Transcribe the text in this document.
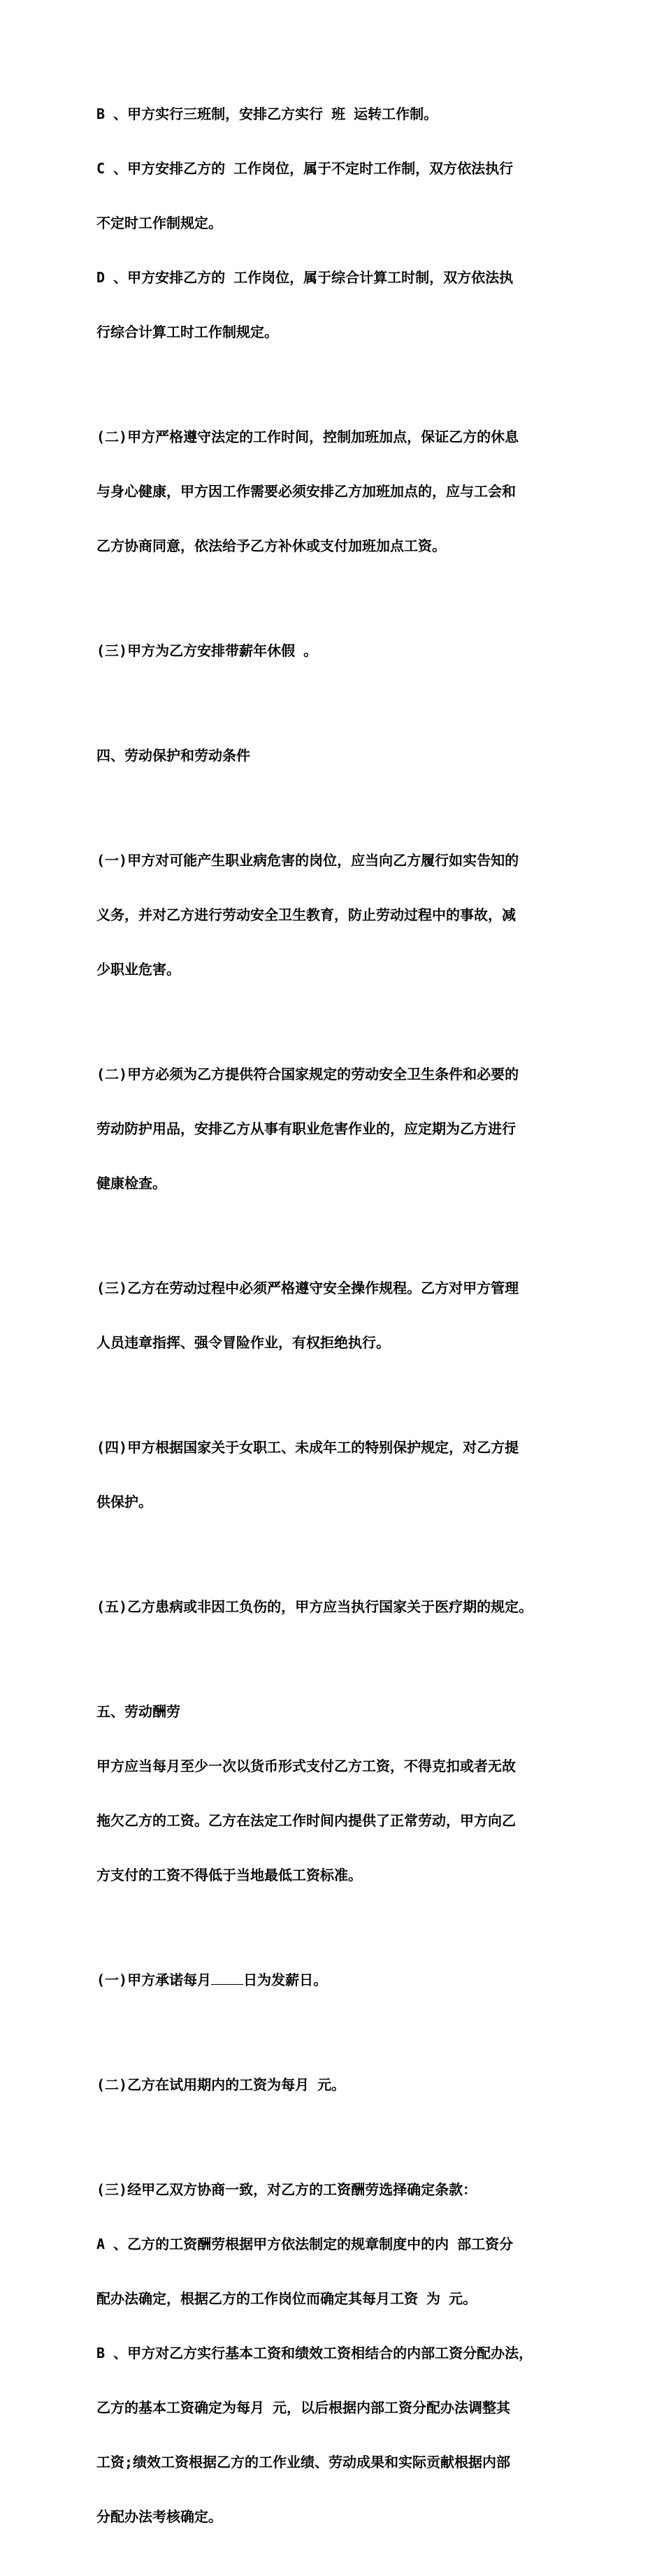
B 、甲方实行三班制，安排乙方实行 班 运转工作制。

C 、甲方安排乙方的 工作岗位，属于不定时工作制，双方依法执行

不定时工作制规定。

D 、甲方安排乙方的 工作岗位，属于综合计算工时制，双方依法执

行综合计算工时工作制规定。

(二)甲方严格遵守法定的工作时间，控制加班加点，保证乙方的休息

与身心健康，甲方因工作需要必须安排乙方加班加点的，应与工会和

乙方协商同意，依法给予乙方补休或支付加班加点工资。

(三)甲方为乙方安排带薪年休假 。

四、劳动保护和劳动条件

(一)甲方对可能产生职业病危害的岗位，应当向乙方履行如实告知的

义务，并对乙方进行劳动安全卫生教育，防止劳动过程中的事故，减

少职业危害。

(二)甲方必须为乙方提供符合国家规定的劳动安全卫生条件和必要的

劳动防护用品，安排乙方从事有职业危害作业的，应定期为乙方进行

健康检查。

(三)乙方在劳动过程中必须严格遵守安全操作规程。乙方对甲方管理

人员违章指挥、强令冒险作业，有权拒绝执行。

(四)甲方根据国家关于女职工、未成年工的特别保护规定，对乙方提

供保护。

(五)乙方患病或非因工负伤的，甲方应当执行国家关于医疗期的规定。

五、劳动酬劳

甲方应当每月至少一次以货币形式支付乙方工资，不得克扣或者无故

拖欠乙方的工资。乙方在法定工作时间内提供了正常劳动，甲方向乙

方支付的工资不得低于当地最低工资标准。

(一)甲方承诺每月 日为发薪日。

(二)乙方在试用期内的工资为每月 元。

(三)经甲乙双方协商一致，对乙方的工资酬劳选择确定条款：

A 、乙方的工资酬劳根据甲方依法制定的规章制度中的内 部工资分

配办法确定，根据乙方的工作岗位而确定其每月工资 为 元。

B 、甲方对乙方实行基本工资和绩效工资相结合的内部工资分配办法，

乙方的基本工资确定为每月 元，以后根据内部工资分配办法调整其

工资;绩效工资根据乙方的工作业绩、劳动成果和实际贡献根据内部

分配办法考核确定。
